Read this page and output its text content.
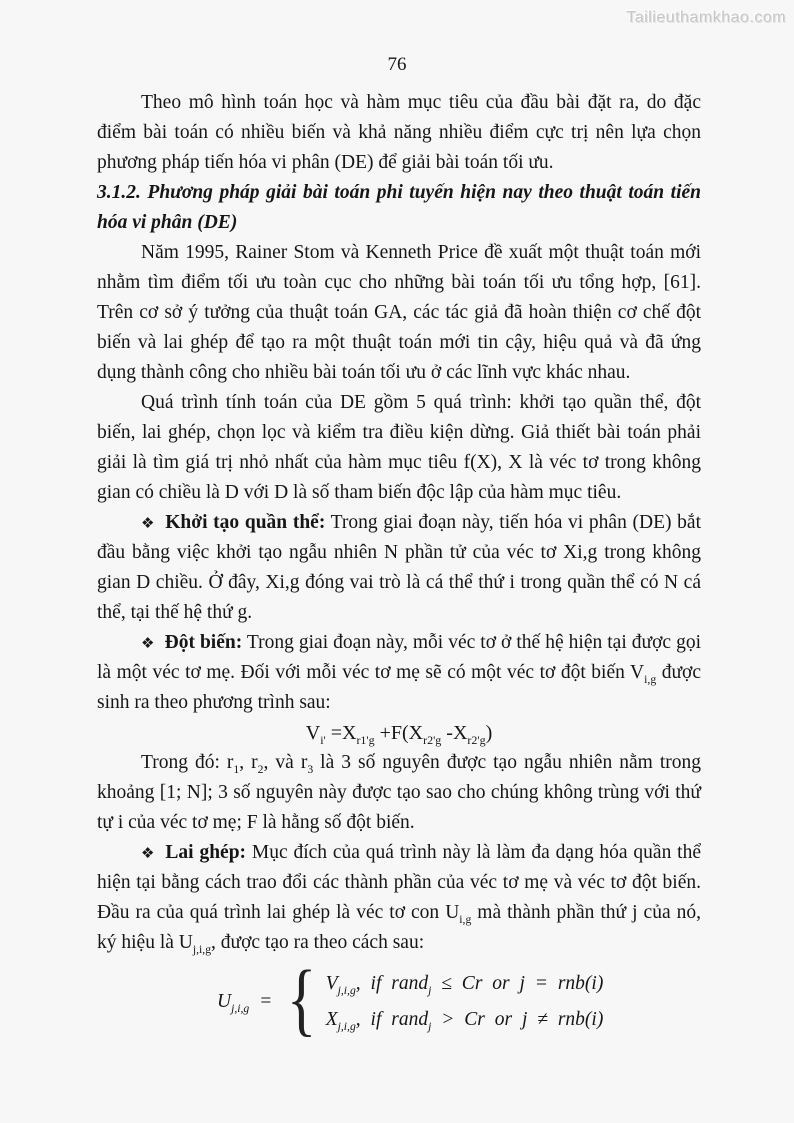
Tailieuthamkhao.com
76

Theo mô hình toán học và hàm mục tiêu của đầu bài đặt ra, do đặc điểm bài toán có nhiều biến và khả năng nhiều điểm cực trị nên lựa chọn phương pháp tiến hóa vi phân (DE) để giải bài toán tối ưu.

3.1.2. Phương pháp giải bài toán phi tuyến hiện nay theo thuật toán tiến hóa vi phân (DE)

Năm 1995, Rainer Stom và Kenneth Price đề xuất một thuật toán mới nhằm tìm điểm tối ưu toàn cục cho những bài toán tối ưu tổng hợp, [61]. Trên cơ sở ý tưởng của thuật toán GA, các tác giả đã hoàn thiện cơ chế đột biến và lai ghép để tạo ra một thuật toán mới tin cậy, hiệu quả và đã ứng dụng thành công cho nhiều bài toán tối ưu ở các lĩnh vực khác nhau.

Quá trình tính toán của DE gồm 5 quá trình: khởi tạo quần thể, đột biến, lai ghép, chọn lọc và kiểm tra điều kiện dừng. Giả thiết bài toán phải giải là tìm giá trị nhỏ nhất của hàm mục tiêu f(X), X là véc tơ trong không gian có chiều là D với D là số tham biến độc lập của hàm mục tiêu.

❖ Khởi tạo quần thể: Trong giai đoạn này, tiến hóa vi phân (DE) bắt đầu bằng việc khởi tạo ngẫu nhiên N phần tử của véc tơ Xi,g trong không gian D chiều. Ở đây, Xi,g đóng vai trò là cá thể thứ i trong quần thể có N cá thể, tại thế hệ thứ g.

❖ Đột biến: Trong giai đoạn này, mỗi véc tơ ở thế hệ hiện tại được gọi là một véc tơ mẹ. Đối với mỗi véc tơ mẹ sẽ có một véc tơ đột biến $V_{i,g}$ được sinh ra theo phương trình sau:

$V_{i'} =X_{r1'g} +F(X_{r2'g}$ $-X_{r2'g}$)

Trong đó: $r_1$, $r_2$, và $r_3$ là 3 số nguyên được tạo ngẫu nhiên nằm trong khoảng [1; N]; 3 số nguyên này được tạo sao cho chúng không trùng với thứ tự i của véc tơ mẹ; F là hằng số đột biến.

❖ Lai ghép: Mục đích của quá trình này là làm đa dạng hóa quần thể hiện tại bằng cách trao đổi các thành phần của véc tơ mẹ và véc tơ đột biến. Đầu ra của quá trình lai ghép là véc tơ con $U_{i,g}$ mà thành phần thứ j của nó, ký hiệu là $U_{j,i,g}$, được tạo ra theo cách sau:

$U_{j,i,g}$ = { $V_{j,i,g}$, if rand$_j$ ≤ Cr or j = rnb(i)
$X_{j,i,g}$, if rand$_j$ > Cr or j ≠ rnb(i)
